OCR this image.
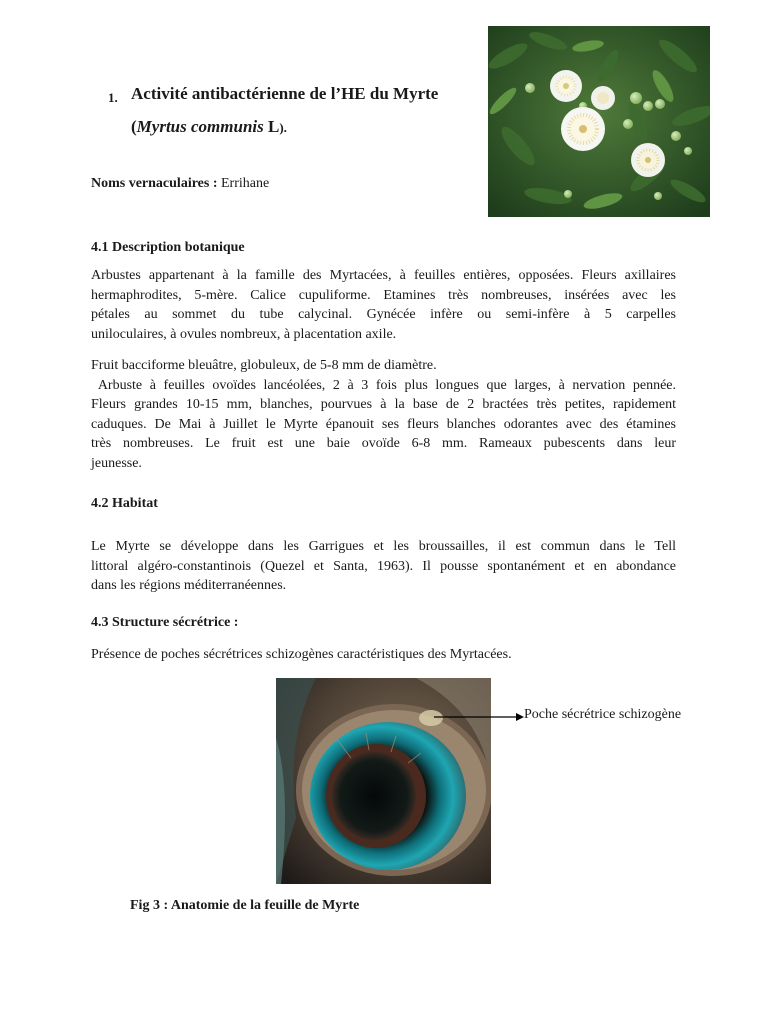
1. Activité antibactérienne de l’HE du Myrte
(Myrtus communis L).
Noms vernaculaires : Errihane
4.1 Description botanique
Arbustes appartenant à la famille des Myrtacées, à feuilles entières, opposées. Fleurs axillaires
hermaphrodites, 5-mère. Calice cupuliforme. Etamines très nombreuses, insérées avec les
pétales au sommet du tube calycinal. Gynécée infère ou semi-infère à 5 carpelles
uniloculaires, à ovules nombreux, à placentation axile.
Fruit bacciforme bleuâtre, globuleux, de 5-8 mm de diamètre.
Arbuste à feuilles ovoïdes lancéolées, 2 à 3 fois plus longues que larges, à nervation pennée.
Fleurs grandes 10-15 mm, blanches, pourvues à la base de 2 bractées très petites, rapidement
caduques. De Mai à Juillet le Myrte épanouit ses fleurs blanches odorantes avec des étamines
très nombreuses. Le fruit est une baie ovoïde 6-8 mm. Rameaux pubescents dans leur
jeunesse.
4.2 Habitat
Le Myrte se développe dans les Garrigues et les broussailles, il est commun dans le Tell
littoral algéro-constantinois (Quezel et Santa, 1963). Il pousse spontanément et en abondance
dans les régions méditerranéennes.
4.3 Structure sécrétrice :
Présence de poches sécrétrices schizogènes caractéristiques des Myrtacées.
Poche sécrétrice schizogène
Fig 3 : Anatomie de la feuille de Myrte
